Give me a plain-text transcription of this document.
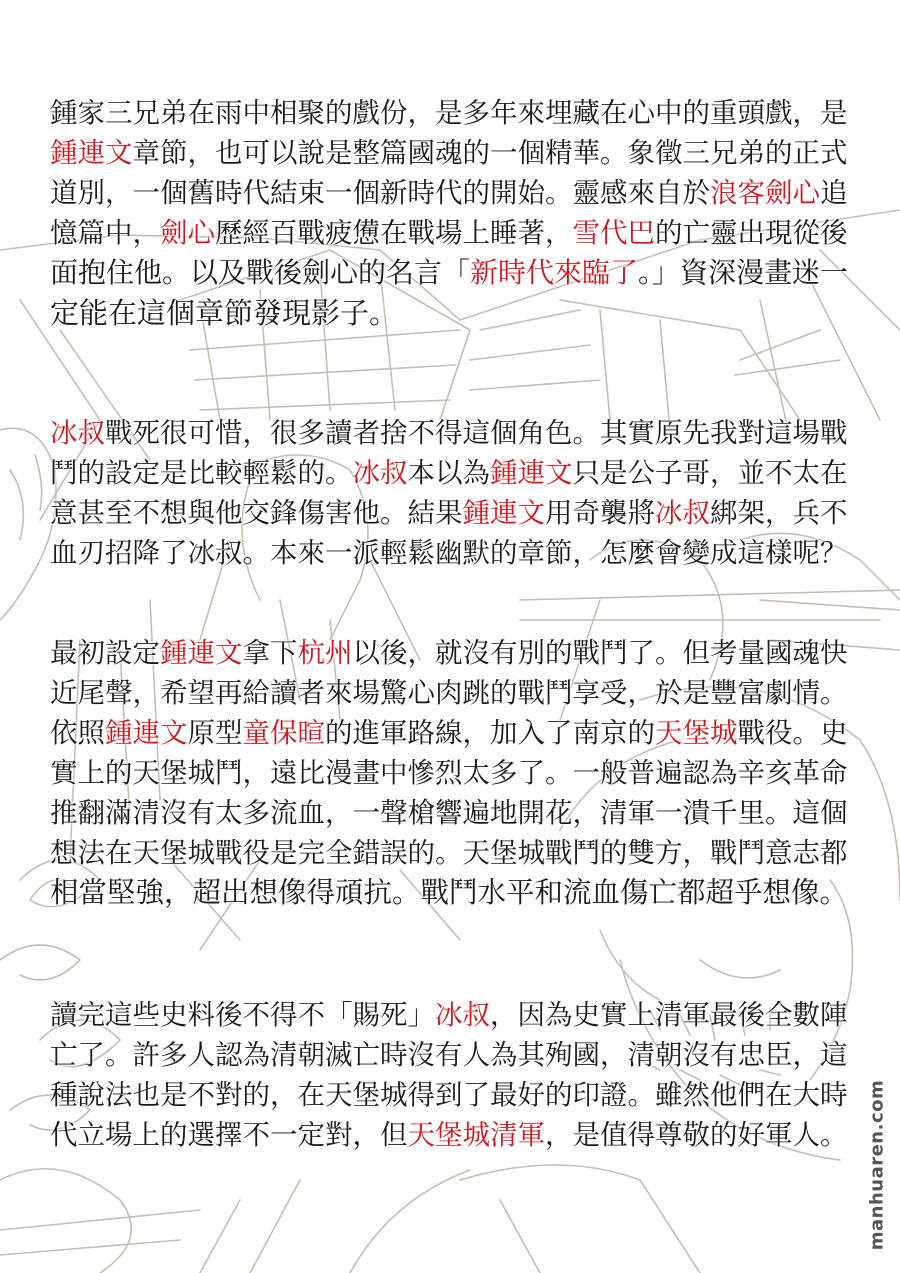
鍾家三兄弟在雨中相聚的戲份，是多年來埋藏在心中的重頭戲，是
鍾連文章節，也可以說是整篇國魂的一個精華。象徵三兄弟的正式
道別，一個舊時代結束一個新時代的開始。靈感來自於浪客劍心追
憶篇中，劍心歷經百戰疲憊在戰場上睡著，雪代巴的亡靈出現從後
面抱住他。以及戰後劍心的名言「新時代來臨了。」資深漫畫迷一
定能在這個章節發現影子。
冰叔戰死很可惜，很多讀者捨不得這個角色。其實原先我對這場戰
鬥的設定是比較輕鬆的。冰叔本以為鍾連文只是公子哥，並不太在
意甚至不想與他交鋒傷害他。結果鍾連文用奇襲將冰叔綁架，兵不
血刃招降了冰叔。本來一派輕鬆幽默的章節，怎麼會變成這樣呢？
最初設定鍾連文拿下杭州以後，就沒有別的戰鬥了。但考量國魂快
近尾聲，希望再給讀者來場驚心肉跳的戰鬥享受，於是豐富劇情。
依照鍾連文原型童保暄的進軍路線，加入了南京的天堡城戰役。史
實上的天堡城鬥，遠比漫畫中慘烈太多了。一般普遍認為辛亥革命
推翻滿清沒有太多流血，一聲槍響遍地開花，清軍一潰千里。這個
想法在天堡城戰役是完全錯誤的。天堡城戰鬥的雙方，戰鬥意志都
相當堅強，超出想像得頑抗。戰鬥水平和流血傷亡都超乎想像。
讀完這些史料後不得不「賜死」冰叔，因為史實上清軍最後全數陣
亡了。許多人認為清朝滅亡時沒有人為其殉國，清朝沒有忠臣，這
種說法也是不對的，在天堡城得到了最好的印證。雖然他們在大時
代立場上的選擇不一定對，但天堡城清軍，是值得尊敬的好軍人。 manhuaren.com
